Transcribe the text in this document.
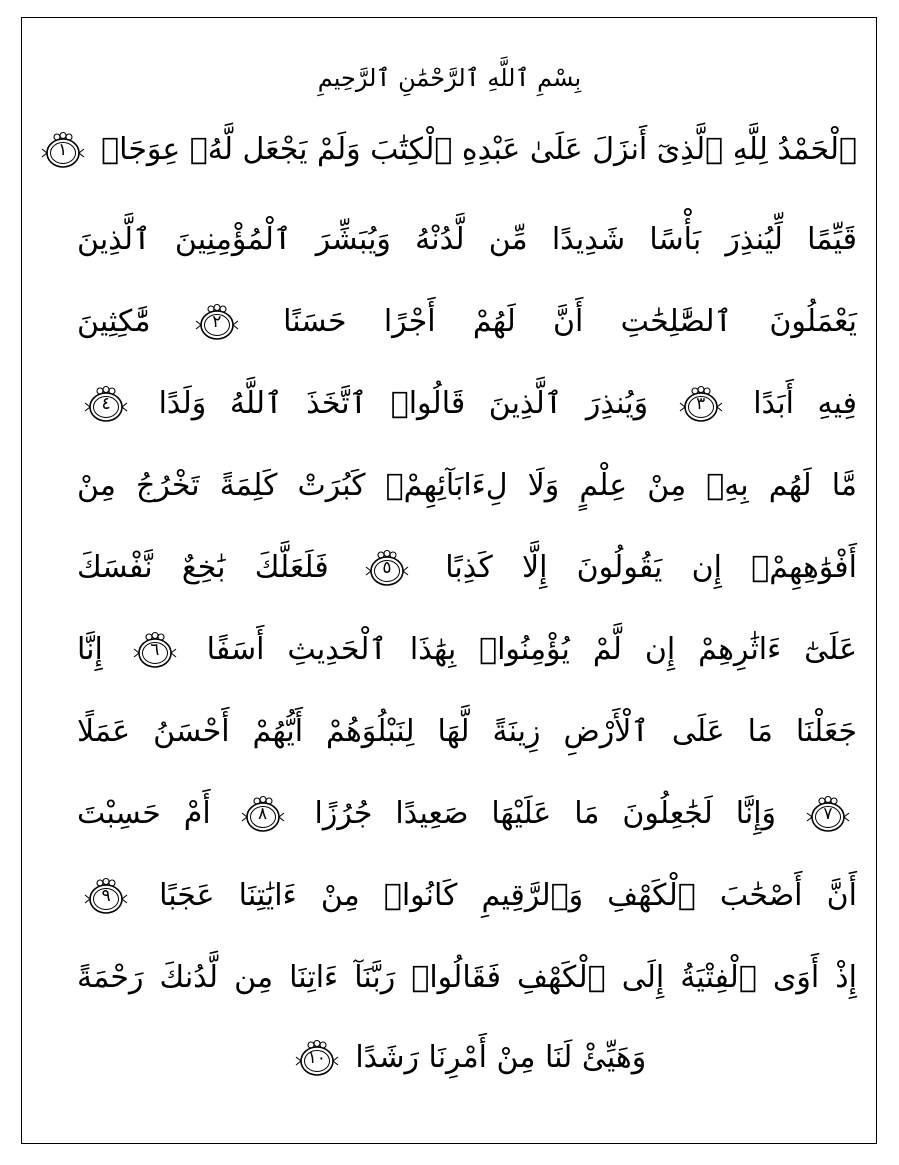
بِسْمِ ٱللَّهِ ٱلرَّحْمَٰنِ ٱلرَّحِيمِ
ٱلْحَمْدُ لِلَّهِ ٱلَّذِىٓ أَنزَلَ عَلَىٰ عَبْدِهِ ٱلْكِتَٰبَ وَلَمْ يَجْعَل لَّهُۥ عِوَجَاۜ
١
قَيِّمًا لِّيُنذِرَ بَأْسًا شَدِيدًا مِّن لَّدُنْهُ وَيُبَشِّرَ ٱلْمُؤْمِنِينَ ٱلَّذِينَ
يَعْمَلُونَ ٱلصَّٰلِحَٰتِ أَنَّ لَهُمْ أَجْرًا حَسَنًا
٢
مَّٰكِثِينَ
فِيهِ أَبَدًا
٣
وَيُنذِرَ ٱلَّذِينَ قَالُوا۟ ٱتَّخَذَ ٱللَّهُ وَلَدًا
٤
مَّا لَهُم بِهِۦ مِنْ عِلْمٍ وَلَا لِءَابَآئِهِمْۚ كَبُرَتْ كَلِمَةً تَخْرُجُ مِنْ
أَفْوَٰهِهِمْۚ إِن يَقُولُونَ إِلَّا كَذِبًا
٥
فَلَعَلَّكَ بَٰخِعٌ نَّفْسَكَ
عَلَىٰٓ ءَاثَٰرِهِمْ إِن لَّمْ يُؤْمِنُوا۟ بِهَٰذَا ٱلْحَدِيثِ أَسَفًا
٦
إِنَّا
جَعَلْنَا مَا عَلَى ٱلْأَرْضِ زِينَةً لَّهَا لِنَبْلُوَهُمْ أَيُّهُمْ أَحْسَنُ عَمَلًا
٧
وَإِنَّا لَجَٰعِلُونَ مَا عَلَيْهَا صَعِيدًا جُرُزًا
٨
أَمْ حَسِبْتَ
أَنَّ أَصْحَٰبَ ٱلْكَهْفِ وَٱلرَّقِيمِ كَانُوا۟ مِنْ ءَايَٰتِنَا عَجَبًا
٩
إِذْ أَوَى ٱلْفِتْيَةُ إِلَى ٱلْكَهْفِ فَقَالُوا۟ رَبَّنَآ ءَاتِنَا مِن لَّدُنكَ رَحْمَةً
وَهَيِّئْ لَنَا مِنْ أَمْرِنَا رَشَدًا
١٠
